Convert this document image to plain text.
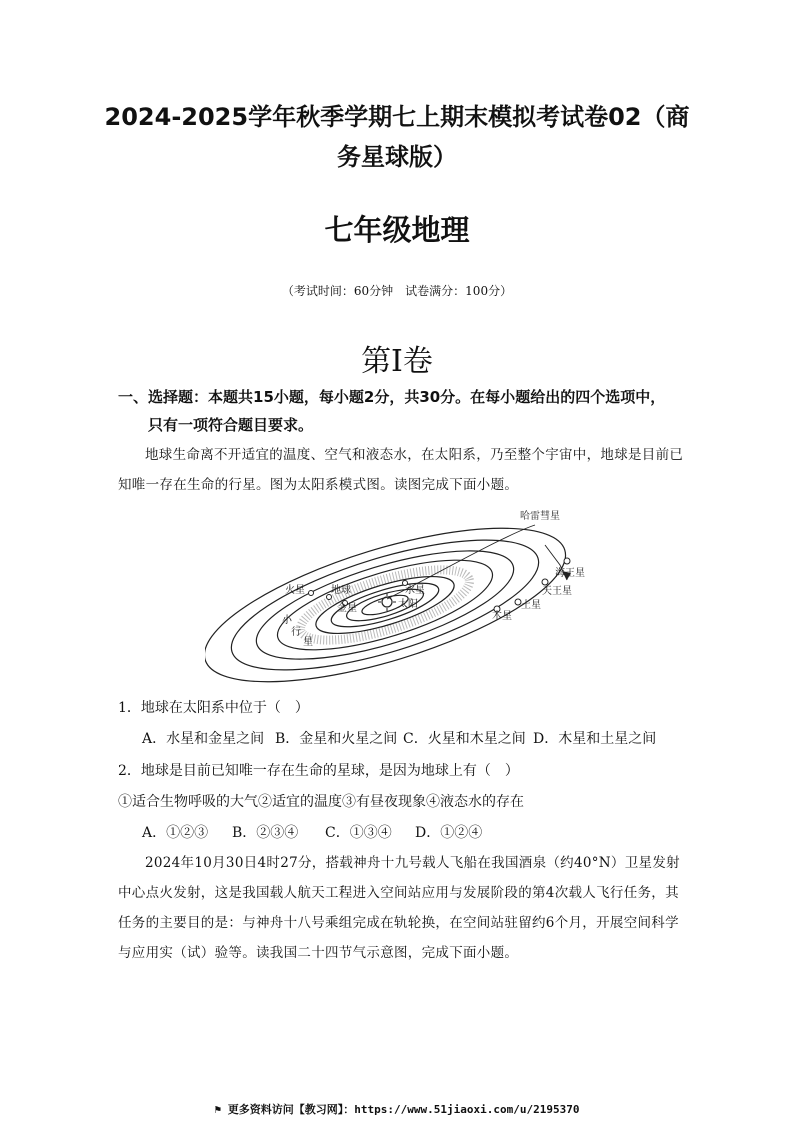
2024-2025学年秋季学期七上期末模拟考试卷02（商
务星球版）
七年级地理
（考试时间：60分钟　试卷满分：100分）
第Ⅰ卷
一、选择题：本题共15小题，每小题2分，共30分。在每小题给出的四个选项中，
只有一项符合题目要求。
地球生命离不开适宜的温度、空气和液态水，在太阳系，乃至整个宇宙中，地球是目前已知唯一存在生命的行星。图为太阳系模式图。读图完成下面小题。
哈雷彗星
海王星
天王星
土星
木星
火星	地球	水星
金星	太阳
小
行
星
1．地球在太阳系中位于（　）
A．水星和金星之间 B．金星和火星之间 C．火星和木星之间 D．木星和土星之间
2．地球是目前已知唯一存在生命的星球，是因为地球上有（　）
①适合生物呼吸的大气②适宜的温度③有昼夜现象④液态水的存在
A．①②③ B．②③④ C．①③④ D．①②④
2024年10月30日4时27分，搭载神舟十九号载人飞船在我国酒泉（约40°N）卫星发射中心点火发射，这是我国载人航天工程进入空间站应用与发展阶段的第4次载人飞行任务，其任务的主要目的是：与神舟十八号乘组完成在轨轮换，在空间站驻留约6个月，开展空间科学与应用实（试）验等。读我国二十四节气示意图，完成下面小题。
⚑ 更多资料访问【教习网】：https://www.51jiaoxi.com/u/2195370
